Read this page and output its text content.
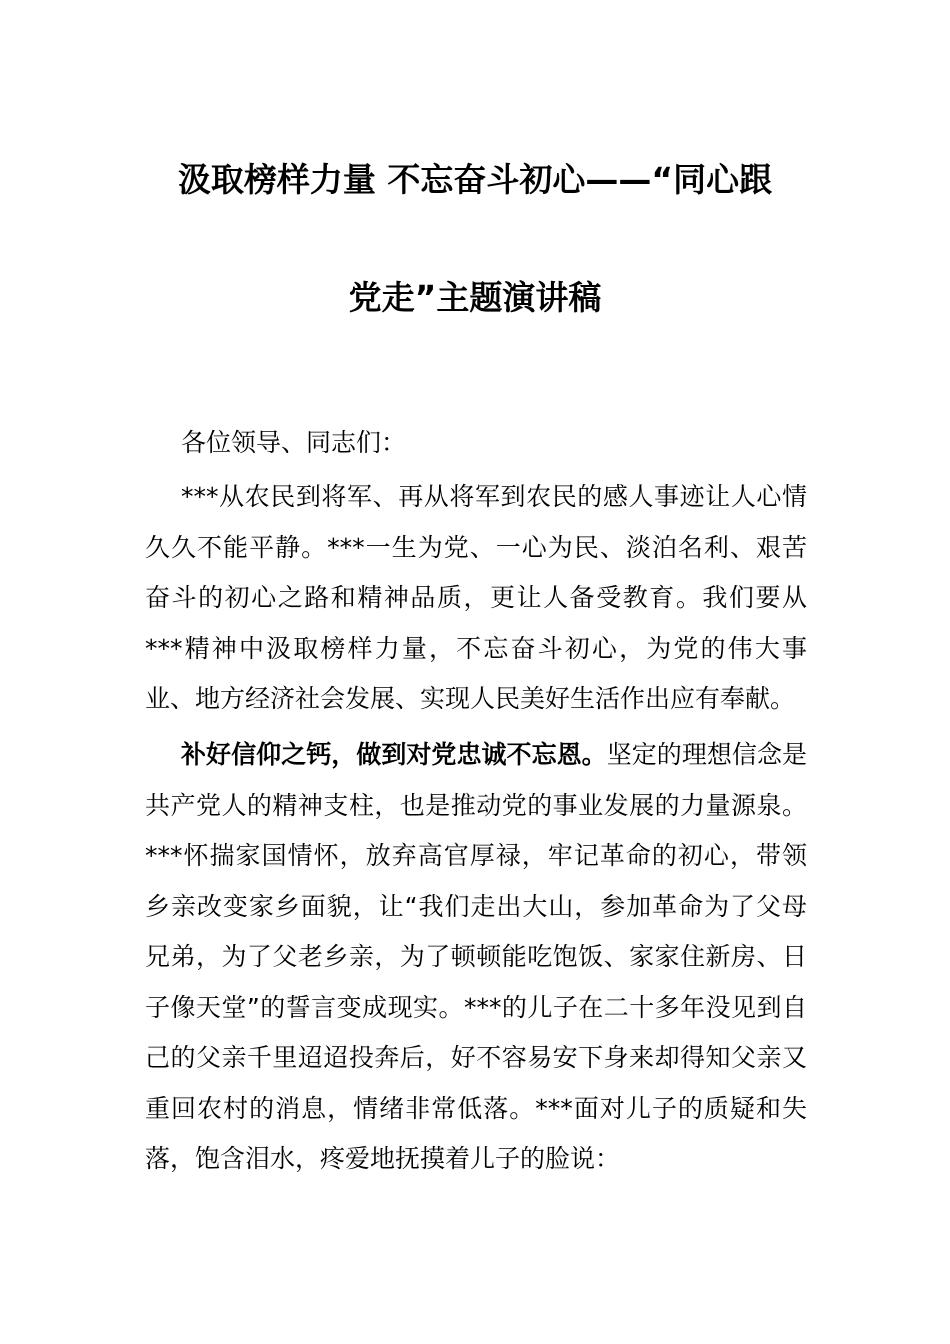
汲取榜样力量 不忘奋斗初心——“同心跟
党走”主题演讲稿

各位领导、同志们：

***从农民到将军、再从将军到农民的感人事迹让人心情久久不能平静。***一生为党、一心为民、淡泊名利、艰苦奋斗的初心之路和精神品质，更让人备受教育。我们要从***精神中汲取榜样力量，不忘奋斗初心，为党的伟大事业、地方经济社会发展、实现人民美好生活作出应有奉献。

补好信仰之钙，做到对党忠诚不忘恩。坚定的理想信念是共产党人的精神支柱，也是推动党的事业发展的力量源泉。***怀揣家国情怀，放弃高官厚禄，牢记革命的初心，带领乡亲改变家乡面貌，让“我们走出大山，参加革命为了父母兄弟，为了父老乡亲，为了顿顿能吃饱饭、家家住新房、日子像天堂”的誓言变成现实。***的儿子在二十多年没见到自己的父亲千里迢迢投奔后，好不容易安下身来却得知父亲又重回农村的消息，情绪非常低落。***面对儿子的质疑和失落，饱含泪水，疼爱地抚摸着儿子的脸说：
